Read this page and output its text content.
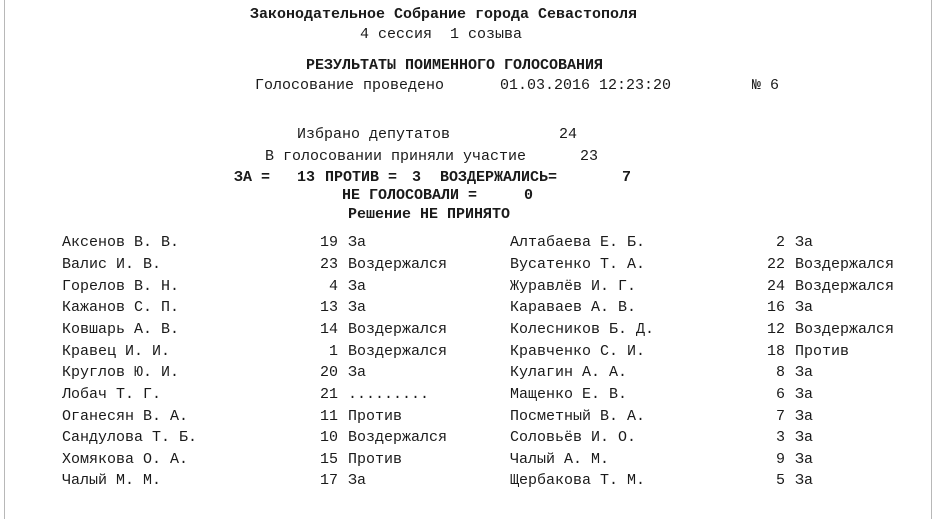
Законодательное Собрание города Севастополя
4 сессия  1 созыва
РЕЗУЛЬТАТЫ ПОИМЕННОГО ГОЛОСОВАНИЯ
Голосование проведено	01.03.2016 12:23:20	№ 6
Избрано депутатов	24
В голосовании приняли участие	23
ЗА = 13 ПРОТИВ = 3 ВОЗДЕРЖАЛИСЬ=	7
НЕ ГОЛОСОВАЛИ =	0
Решение НЕ ПРИНЯТО
Аксенов В. В.	19 За	Алтабаева Е. Б.	2 За
Валис И. В.	23 Воздержался	Вусатенко Т. А.	22 Воздержался
Горелов В. Н.	4 За	Журавлёв И. Г.	24 Воздержался
Кажанов С. П.	13 За	Караваев А. В.	16 За
Ковшарь А. В.	14 Воздержался	Колесников Б. Д.	12 Воздержался
Кравец И. И.	1 Воздержался	Кравченко С. И.	18 Против
Круглов Ю. И.	20 За	Кулагин А. А.	8 За
Лобач Т. Г.	21 .........	Мащенко Е. В.	6 За
Оганесян В. А.	11 Против	Посметный В. А.	7 За
Сандулова Т. Б.	10 Воздержался	Соловьёв И. О.	3 За
Хомякова О. А.	15 Против	Чалый А. М.	9 За
Чалый М. М.	17 За	Щербакова Т. М.	5 За
